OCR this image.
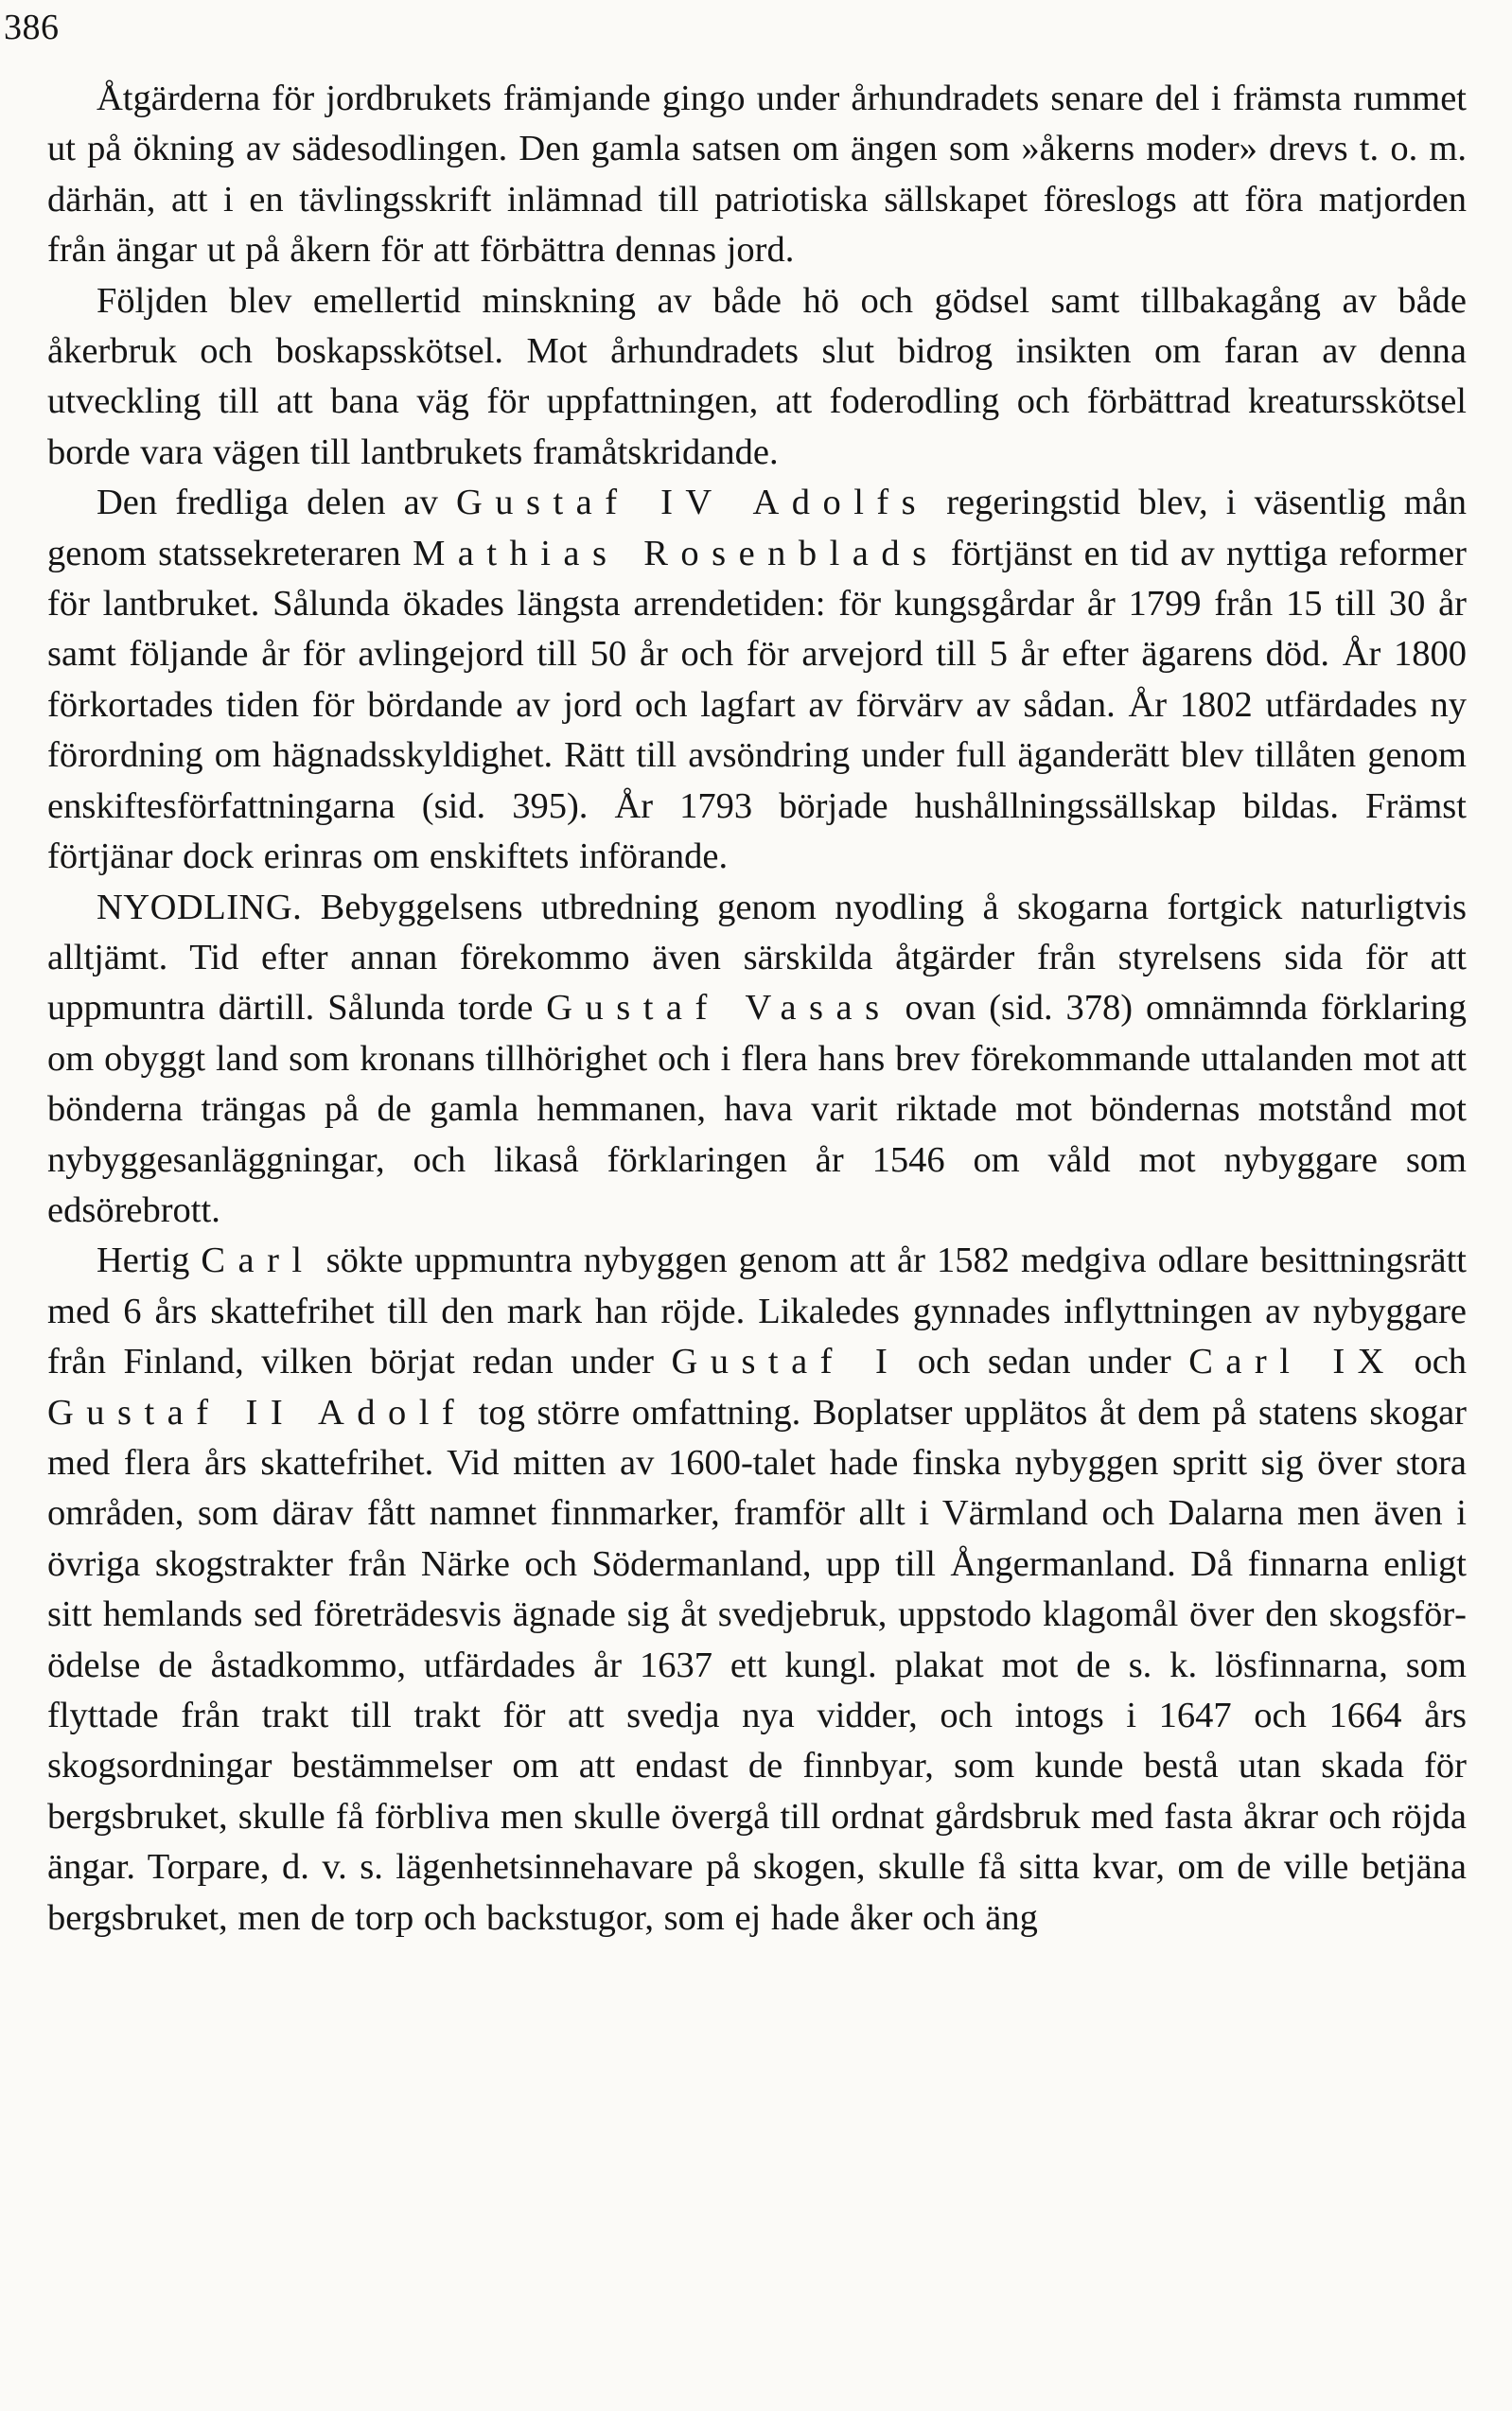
386

Åtgärderna för jordbrukets främjande gingo under århundradets senare del i främsta rummet ut på ökning av sädesodlingen. Den gamla satsen om ängen som »åkerns moder» drevs t. o. m. därhän, att i en tävlingsskrift inlämnad till patriotiska sällskapet föreslogs att föra matjorden från ängar ut på åkern för att förbättra dennas jord.

Följden blev emellertid minskning av både hö och gödsel samt tillbakagång av både åkerbruk och boskapsskötsel. Mot århundradets slut bidrog insikten om faran av denna utveckling till att bana väg för uppfattningen, att foderodling och förbättrad kreatursskötsel borde vara vägen till lantbrukets framåtskridande.

Den fredliga delen av Gustaf IV Adolfs regeringstid blev, i väsentlig mån genom statssekreteraren Mathias Rosenblads förtjänst en tid av nyttiga reformer för lantbruket. Sålunda ökades längsta arrendetiden: för kungsgårdar år 1799 från 15 till 30 år samt följande år för avlingejord till 50 år och för arvejord till 5 år efter ägarens död. År 1800 förkortades tiden för bördande av jord och lagfart av förvärv av sådan. År 1802 utfärdades ny förordning om hägnadsskyldighet. Rätt till avsöndring under full äganderätt blev tillåten genom enskiftesförfattningarna (sid. 395). År 1793 började hushållningssällskap bildas. Främst förtjänar dock erinras om enskiftets införande.

NYODLING. Bebyggelsens utbredning genom nyodling å skogarna fortgick naturligtvis alltjämt. Tid efter annan förekommo även särskilda åtgärder från styrelsens sida för att uppmuntra därtill. Sålunda torde Gustaf Vasas ovan (sid. 378) omnämnda förklaring om obyggt land som kronans tillhörighet och i flera hans brev förekommande uttalanden mot att bönderna trängas på de gamla hemmanen, hava varit riktade mot böndernas motstånd mot nybyggesanläggningar, och likaså förklaringen år 1546 om våld mot nybyggare som edsörebrott.

Hertig Carl sökte uppmuntra nybyggen genom att år 1582 medgiva odlare besittningsrätt med 6 års skattefrihet till den mark han röjde. Likaledes gynnades inflyttningen av nybyggare från Finland, vilken börjat redan under Gustaf I och sedan under Carl IX och Gustaf II Adolf tog större omfattning. Boplatser upplätos åt dem på statens skogar med flera års skattefrihet. Vid mitten av 1600-talet hade finska nybyggen spritt sig över stora områden, som därav fått namnet finnmarker, framför allt i Värmland och Dalarna men även i övriga skogstrakter från Närke och Södermanland, upp till Ångermanland. Då finnarna enligt sitt hemlands sed företrädesvis ägnade sig åt svedjebruk, uppstodo klagomål över den skogsförödelse de åstadkommo, utfärdades år 1637 ett kungl. plakat mot de s. k. lösfinnarna, som flyttade från trakt till trakt för att svedja nya vidder, och intogs i 1647 och 1664 års skogsordningar bestämmelser om att endast de finnbyar, som kunde bestå utan skada för bergsbruket, skulle få förbliva men skulle övergå till ordnat gårdsbruk med fasta åkrar och röjda ängar. Torpare, d. v. s. lägenhetsinnehavare på skogen, skulle få sitta kvar, om de ville betjäna bergsbruket, men de torp och backstugor, som ej hade åker och äng
